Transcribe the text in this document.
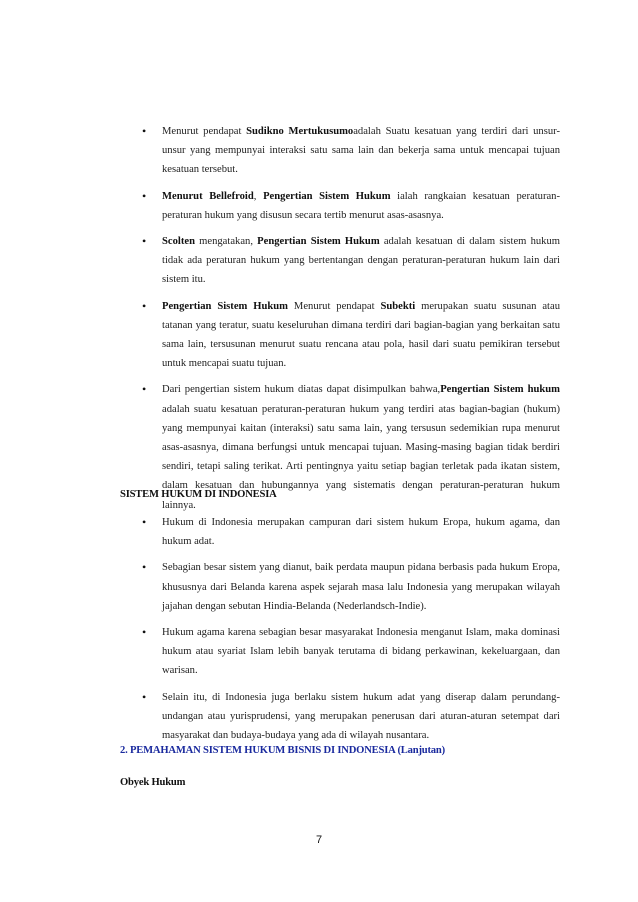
• Menurut pendapat Sudikno Mertukusumoadalah Suatu kesatuan yang terdiri dari unsur-unsur yang mempunyai interaksi satu sama lain dan bekerja sama untuk mencapai tujuan kesatuan tersebut.
• Menurut Bellefroid, Pengertian Sistem Hukum ialah rangkaian kesatuan peraturan-peraturan hukum yang disusun secara tertib menurut asas-asasnya.
• Scolten mengatakan, Pengertian Sistem Hukum adalah kesatuan di dalam sistem hukum tidak ada peraturan hukum yang bertentangan dengan peraturan-peraturan hukum lain dari sistem itu.
• Pengertian Sistem Hukum Menurut pendapat Subekti merupakan suatu susunan atau tatanan yang teratur, suatu keseluruhan dimana terdiri dari bagian-bagian yang berkaitan satu sama lain, tersusunan menurut suatu rencana atau pola, hasil dari suatu pemikiran tersebut untuk mencapai suatu tujuan.
• Dari pengertian sistem hukum diatas dapat disimpulkan bahwa,Pengertian Sistem hukum adalah suatu kesatuan peraturan-peraturan hukum yang terdiri atas bagian-bagian (hukum) yang mempunyai kaitan (interaksi) satu sama lain, yang tersusun sedemikian rupa menurut asas-asasnya, dimana berfungsi untuk mencapai tujuan. Masing-masing bagian tidak berdiri sendiri, tetapi saling terikat. Arti pentingnya yaitu setiap bagian terletak pada ikatan sistem, dalam kesatuan dan hubungannya yang sistematis dengan peraturan-peraturan hukum lainnya.
SISTEM HUKUM DI INDONESIA
• Hukum di Indonesia merupakan campuran dari sistem hukum Eropa, hukum agama, dan hukum adat.
• Sebagian besar sistem yang dianut, baik perdata maupun pidana berbasis pada hukum Eropa, khususnya dari Belanda karena aspek sejarah masa lalu Indonesia yang merupakan wilayah jajahan dengan sebutan Hindia-Belanda (Nederlandsch-Indie).
• Hukum agama karena sebagian besar masyarakat Indonesia menganut Islam, maka dominasi hukum atau syariat Islam lebih banyak terutama di bidang perkawinan, kekeluargaan, dan warisan.
• Selain itu, di Indonesia juga berlaku sistem hukum adat yang diserap dalam perundang-undangan atau yurisprudensi, yang merupakan penerusan dari aturan-aturan setempat dari masyarakat dan budaya-budaya yang ada di wilayah nusantara.
2. PEMAHAMAN SISTEM HUKUM BISNIS DI INDONESIA (Lanjutan)
Obyek Hukum
7
